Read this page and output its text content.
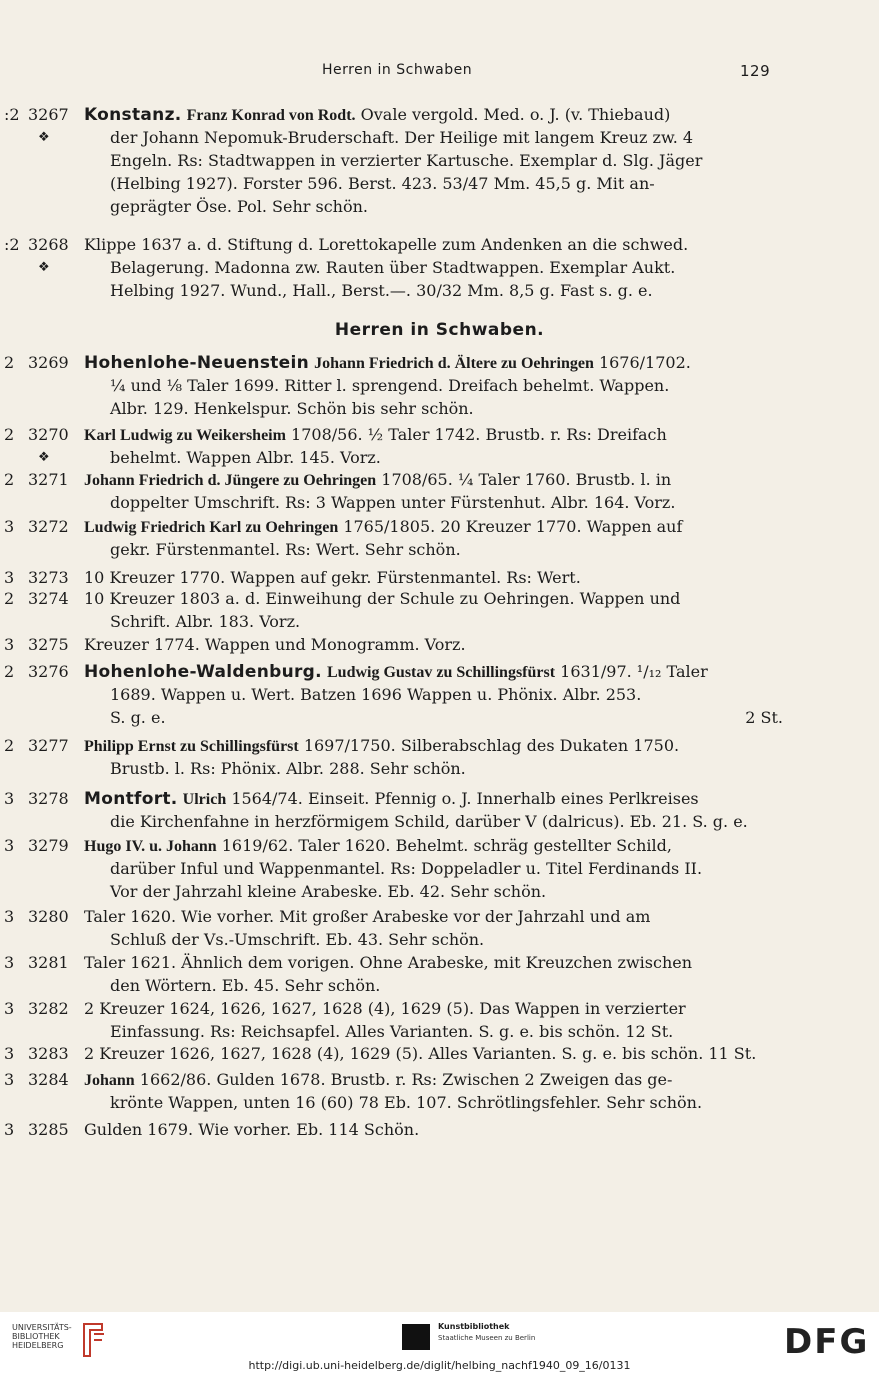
Herren in Schwaben	129
Herren in Schwaben.
:2 3267 Konstanz. Franz Konrad von Rodt. Ovale vergold. Med. o. J. (v. Thiebaud)
der Johann Nepomuk-Bruderschaft. Der Heilige mit langem Kreuz zw. 4
Engeln. Rs: Stadtwappen in verzierter Kartusche. Exemplar d. Slg. Jäger
(Helbing 1927). Forster 596. Berst. 423. 53/47 Mm. 45,5 g. Mit an-
geprägter Öse. Pol. Sehr schön.
❖
:2 3268 Klippe 1637 a. d. Stiftung d. Lorettokapelle zum Andenken an die schwed.
Belagerung. Madonna zw. Rauten über Stadtwappen. Exemplar Aukt.
Helbing 1927. Wund., Hall., Berst.—. 30/32 Mm. 8,5 g. Fast s. g. e.
❖
2 3269 Hohenlohe-Neuenstein Johann Friedrich d. Ältere zu Oehringen 1676/1702.
¼ und ⅛ Taler 1699. Ritter l. sprengend. Dreifach behelmt. Wappen.
Albr. 129. Henkelspur. Schön bis sehr schön.
2 3270 Karl Ludwig zu Weikersheim 1708/56. ½ Taler 1742. Brustb. r. Rs: Dreifach
behelmt. Wappen Albr. 145. Vorz.
❖
2 3271 Johann Friedrich d. Jüngere zu Oehringen 1708/65. ¼ Taler 1760. Brustb. l. in
doppelter Umschrift. Rs: 3 Wappen unter Fürstenhut. Albr. 164. Vorz.
3 3272 Ludwig Friedrich Karl zu Oehringen 1765/1805. 20 Kreuzer 1770. Wappen auf
gekr. Fürstenmantel. Rs: Wert. Sehr schön.
3 3273 10 Kreuzer 1770. Wappen auf gekr. Fürstenmantel. Rs: Wert.
2 3274 10 Kreuzer 1803 a. d. Einweihung der Schule zu Oehringen. Wappen und
Schrift. Albr. 183. Vorz.
3 3275 Kreuzer 1774. Wappen und Monogramm. Vorz.
2 3276 Hohenlohe-Waldenburg. Ludwig Gustav zu Schillingsfürst 1631/97. ¹/₁₂ Taler
1689. Wappen u. Wert. Batzen 1696 Wappen u. Phönix. Albr. 253.
S. g. e.	2 St.
2 3277 Philipp Ernst zu Schillingsfürst 1697/1750. Silberabschlag des Dukaten 1750.
Brustb. l. Rs: Phönix. Albr. 288. Sehr schön.
3 3278 Montfort. Ulrich 1564/74. Einseit. Pfennig o. J. Innerhalb eines Perlkreises
die Kirchenfahne in herzförmigem Schild, darüber V (dalricus). Eb. 21. S. g. e.
3 3279 Hugo IV. u. Johann 1619/62. Taler 1620. Behelmt. schräg gestellter Schild,
darüber Inful und Wappenmantel. Rs: Doppeladler u. Titel Ferdinands II.
Vor der Jahrzahl kleine Arabeske. Eb. 42. Sehr schön.
3 3280 Taler 1620. Wie vorher. Mit großer Arabeske vor der Jahrzahl und am
Schluß der Vs.-Umschrift. Eb. 43. Sehr schön.
3 3281 Taler 1621. Ähnlich dem vorigen. Ohne Arabeske, mit Kreuzchen zwischen
den Wörtern. Eb. 45. Sehr schön.
3 3282 2 Kreuzer 1624, 1626, 1627, 1628 (4), 1629 (5). Das Wappen in verzierter
Einfassung. Rs: Reichsapfel. Alles Varianten. S. g. e. bis schön. 12 St.
3 3283 2 Kreuzer 1626, 1627, 1628 (4), 1629 (5). Alles Varianten. S. g. e. bis schön. 11 St.
3 3284 Johann 1662/86. Gulden 1678. Brustb. r. Rs: Zwischen 2 Zweigen das ge-
krönte Wappen, unten 16 (60) 78 Eb. 107. Schrötlingsfehler. Sehr schön.
3 3285 Gulden 1679. Wie vorher. Eb. 114 Schön.
UNIVERSITÄTS-
BIBLIOTHEK
HEIDELBERG
Kunstbibliothek
Staatliche Museen zu Berlin	DFG
http://digi.ub.uni-heidelberg.de/diglit/helbing_nachf1940_09_16/0131
